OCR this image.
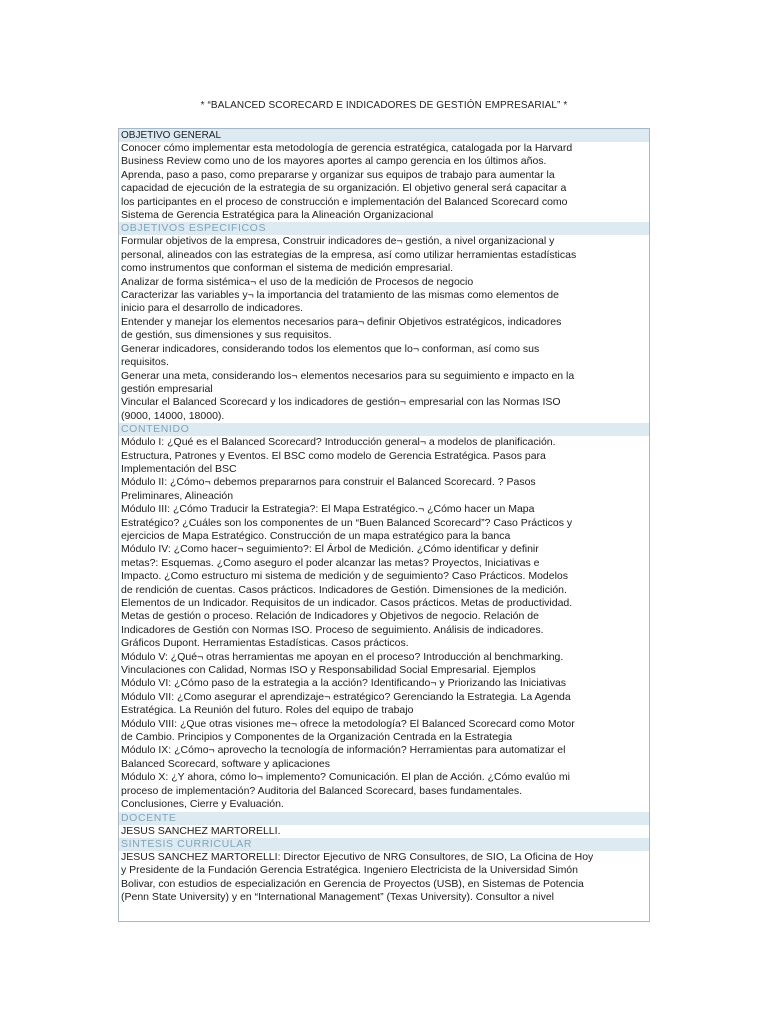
* “BALANCED SCORECARD E INDICADORES DE GESTIÓN EMPRESARIAL” *
OBJETIVO GENERAL
Conocer cómo implementar esta metodología de gerencia estratégica, catalogada por la Harvard
Business Review como uno de los mayores aportes al campo gerencia en los últimos años.
Aprenda, paso a paso, como prepararse y organizar sus equipos de trabajo para aumentar la
capacidad de ejecución de la estrategia de su organización. El objetivo general será capacitar a
los participantes en el proceso de construcción e implementación del Balanced Scorecard como
Sistema de Gerencia Estratégica para la Alineación Organizacional
OBJETIVOS ESPECIFICOS
Formular objetivos de la empresa, Construir indicadores de¬ gestión, a nivel organizacional y
personal, alineados con las estrategias de la empresa, así como utilizar herramientas estadísticas
como instrumentos que conforman el sistema de medición empresarial.
Analizar de forma sistémica¬ el uso de la medición de Procesos de negocio
Caracterizar las variables y¬ la importancia del tratamiento de las mismas como elementos de
inicio para el desarrollo de indicadores.
Entender y manejar los elementos necesarios para¬ definir Objetivos estratégicos, indicadores
de gestión, sus dimensiones y sus requisitos.
Generar indicadores, considerando todos los elementos que lo¬ conforman, así como sus
requisitos.
Generar una meta, considerando los¬ elementos necesarios para su seguimiento e impacto en la
gestión empresarial
Vincular el Balanced Scorecard y los indicadores de gestión¬ empresarial con las Normas ISO
(9000, 14000, 18000).
CONTENIDO
Módulo I: ¿Qué es el Balanced Scorecard? Introducción general¬ a modelos de planificación.
Estructura, Patrones y Eventos. El BSC como modelo de Gerencia Estratégica. Pasos para
Implementación del BSC
Módulo II: ¿Cómo¬ debemos prepararnos para construir el Balanced Scorecard. ? Pasos
Preliminares, Alineación
Módulo III: ¿Cómo Traducir la Estrategia?: El Mapa Estratégico.¬ ¿Cómo hacer un Mapa
Estratégico? ¿Cuáles son los componentes de un “Buen Balanced Scorecard”? Caso Prácticos y
ejercicios de Mapa Estratégico. Construcción de un mapa estratégico para la banca
Módulo IV: ¿Como hacer¬ seguimiento?: El Árbol de Medición. ¿Cómo identificar y definir
metas?: Esquemas. ¿Como aseguro el poder alcanzar las metas? Proyectos, Iniciativas e
Impacto. ¿Como estructuro mi sistema de medición y de seguimiento? Caso Prácticos. Modelos
de rendición de cuentas. Casos prácticos. Indicadores de Gestión. Dimensiones de la medición.
Elementos de un Indicador. Requisitos de un indicador. Casos prácticos. Metas de productividad.
Metas de gestión o proceso. Relación de Indicadores y Objetivos de negocio. Relación de
Indicadores de Gestión con Normas ISO. Proceso de seguimiento. Análisis de indicadores.
Gráficos Dupont. Herramientas Estadísticas. Casos prácticos.
Módulo V: ¿Qué¬ otras herramientas me apoyan en el proceso? Introducción al benchmarking.
Vinculaciones con Calidad, Normas ISO y Responsabilidad Social Empresarial. Ejemplos
Módulo VI: ¿Cómo paso de la estrategia a la acción? Identificando¬ y Priorizando las Iniciativas
Módulo VII: ¿Como asegurar el aprendizaje¬ estratégico? Gerenciando la Estrategia. La Agenda
Estratégica. La Reunión del futuro. Roles del equipo de trabajo
Módulo VIII: ¿Que otras visiones me¬ ofrece la metodología? El Balanced Scorecard como Motor
de Cambio. Principios y Componentes de la Organización Centrada en la Estrategia
Módulo IX: ¿Cómo¬ aprovecho la tecnología de información? Herramientas para automatizar el
Balanced Scorecard, software y aplicaciones
Módulo X: ¿Y ahora, cómo lo¬ implemento? Comunicación. El plan de Acción. ¿Cómo evalúo mi
proceso de implementación? Auditoria del Balanced Scorecard, bases fundamentales.
Conclusiones, Cierre y Evaluación.
DOCENTE
JESUS SANCHEZ MARTORELLI.
SINTESIS CURRICULAR
JESUS SANCHEZ MARTORELLI: Director Ejecutivo de NRG Consultores, de SIO, La Oficina de Hoy
y Presidente de la Fundación Gerencia Estratégica. Ingeniero Electricista de la Universidad Simón
Bolivar, con estudios de especialización en Gerencia de Proyectos (USB), en Sistemas de Potencia
(Penn State University) y en “International Management” (Texas University). Consultor a nivel
